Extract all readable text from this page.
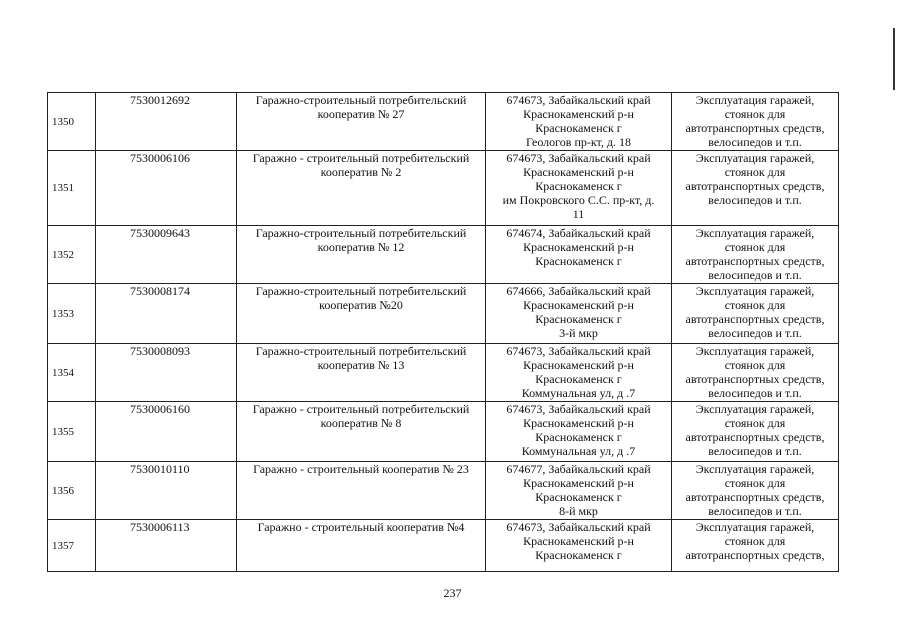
1350	7530012692	Гаражно-строительный потребительский
кооператив № 27	674673, Забайкальский край
Краснокаменский р-н
Краснокаменск г
Геологов пр-кт, д. 18	Эксплуатация гаражей,
стоянок для
автотранспортных средств,
велосипедов и т.п.

1351	7530006106	Гаражно - строительный потребительский
кооператив № 2	674673, Забайкальский край
Краснокаменский р-н
Краснокаменск г
им Покровского С.С. пр-кт, д.
11	Эксплуатация гаражей,
стоянок для
автотранспортных средств,
велосипедов и т.п.

1352	7530009643	Гаражно-строительный потребительский
кооператив № 12	674674, Забайкальский край
Краснокаменский р-н
Краснокаменск г	Эксплуатация гаражей,
стоянок для
автотранспортных средств,
велосипедов и т.п.

1353	7530008174	Гаражно-строительный потребительский
кооператив №20	674666, Забайкальский край
Краснокаменский р-н
Краснокаменск г
3-й мкр	Эксплуатация гаражей,
стоянок для
автотранспортных средств,
велосипедов и т.п.

1354	7530008093	Гаражно-строительный потребительский
кооператив № 13	674673, Забайкальский край
Краснокаменский р-н
Краснокаменск г
Коммунальная ул, д .7	Эксплуатация гаражей,
стоянок для
автотранспортных средств,
велосипедов и т.п.

1355	7530006160	Гаражно - строительный потребительский
кооператив № 8	674673, Забайкальский край
Краснокаменский р-н
Краснокаменск г
Коммунальная ул, д .7	Эксплуатация гаражей,
стоянок для
автотранспортных средств,
велосипедов и т.п.

1356	7530010110	Гаражно - строительный кооператив № 23	674677, Забайкальский край
Краснокаменский р-н
Краснокаменск г
8-й мкр	Эксплуатация гаражей,
стоянок для
автотранспортных средств,
велосипедов и т.п.

1357	7530006113	Гаражно - строительный кооператив №4	674673, Забайкальский край
Краснокаменский р-н
Краснокаменск г	Эксплуатация гаражей,
стоянок для
автотранспортных средств,
237
